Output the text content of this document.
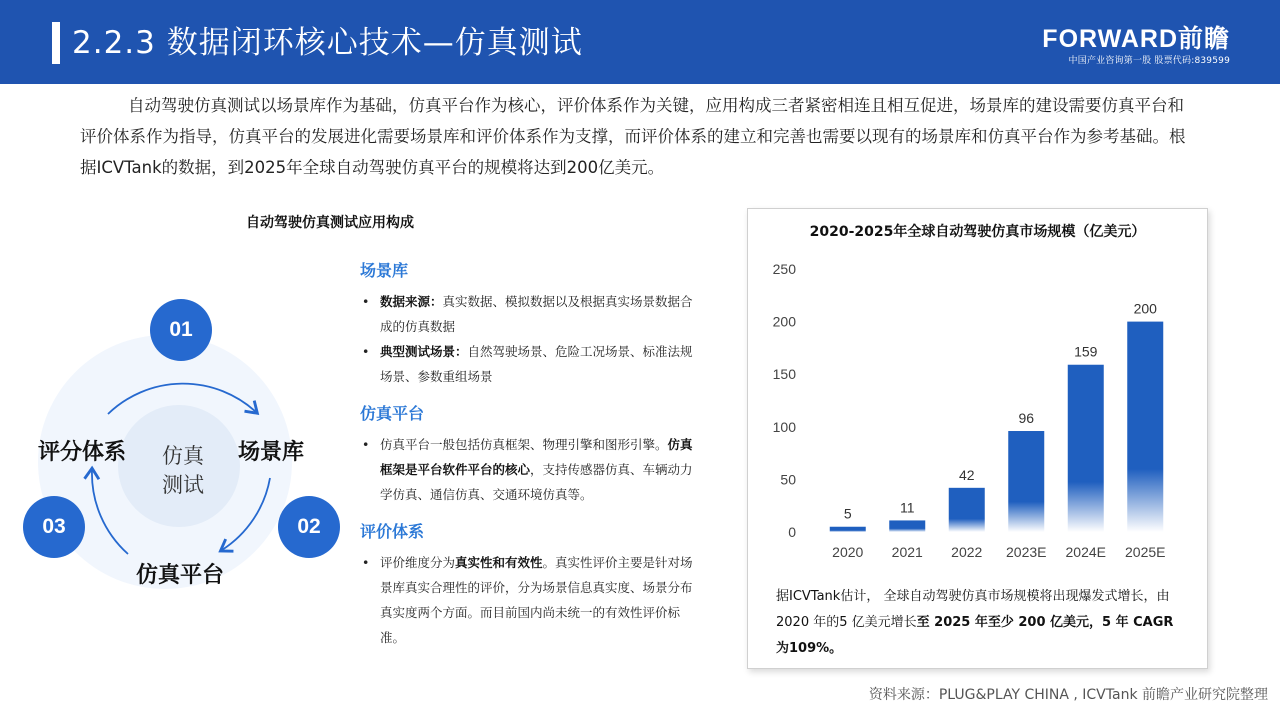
2.2.3 数据闭环核心技术—仿真测试	FORWARD前瞻
中国产业咨询第一股 股票代码:839599

自动驾驶仿真测试以场景库作为基础，仿真平台作为核心，评价体系作为关键，应用构成三者紧密相连且相互促进，场景库的建设需要仿真平台和评价体系作为指导，仿真平台的发展进化需要场景库和评价体系作为支撑，而评价体系的建立和完善也需要以现有的场景库和仿真平台作为参考基础。根据ICVTank的数据，到2025年全球自动驾驶仿真平台的规模将达到200亿美元。

自动驾驶仿真测试应用构成
仿真
测试
01
02
03
场景库
仿真平台
评分体系
场景库
• 数据来源：真实数据、模拟数据以及根据真实场景数据合成的仿真数据
• 典型测试场景：自然驾驶场景、危险工况场景、标准法规场景、参数重组场景
仿真平台
• 仿真平台一般包括仿真框架、物理引擎和图形引擎。仿真框架是平台软件平台的核心，支持传感器仿真、车辆动力学仿真、通信仿真、交通环境仿真等。
评价体系
• 评价维度分为真实性和有效性。真实性评价主要是针对场景库真实合理性的评价，分为场景信息真实度、场景分布真实度两个方面。而目前国内尚未统一的有效性评价标准。
2020-2025年全球自动驾驶仿真市场规模（亿美元）
0
50
100
150
200
250
5
2020
11
2021
42
2022
96
2023E
159
2024E
200
2025E
据ICVTank估计， 全球自动驾驶仿真市场规模将出现爆发式增长，由2020 年的5 亿美元增长至 2025 年至少 200 亿美元，5 年 CAGR 为109%。
资料来源：PLUG&PLAY CHINA , ICVTank 前瞻产业研究院整理
